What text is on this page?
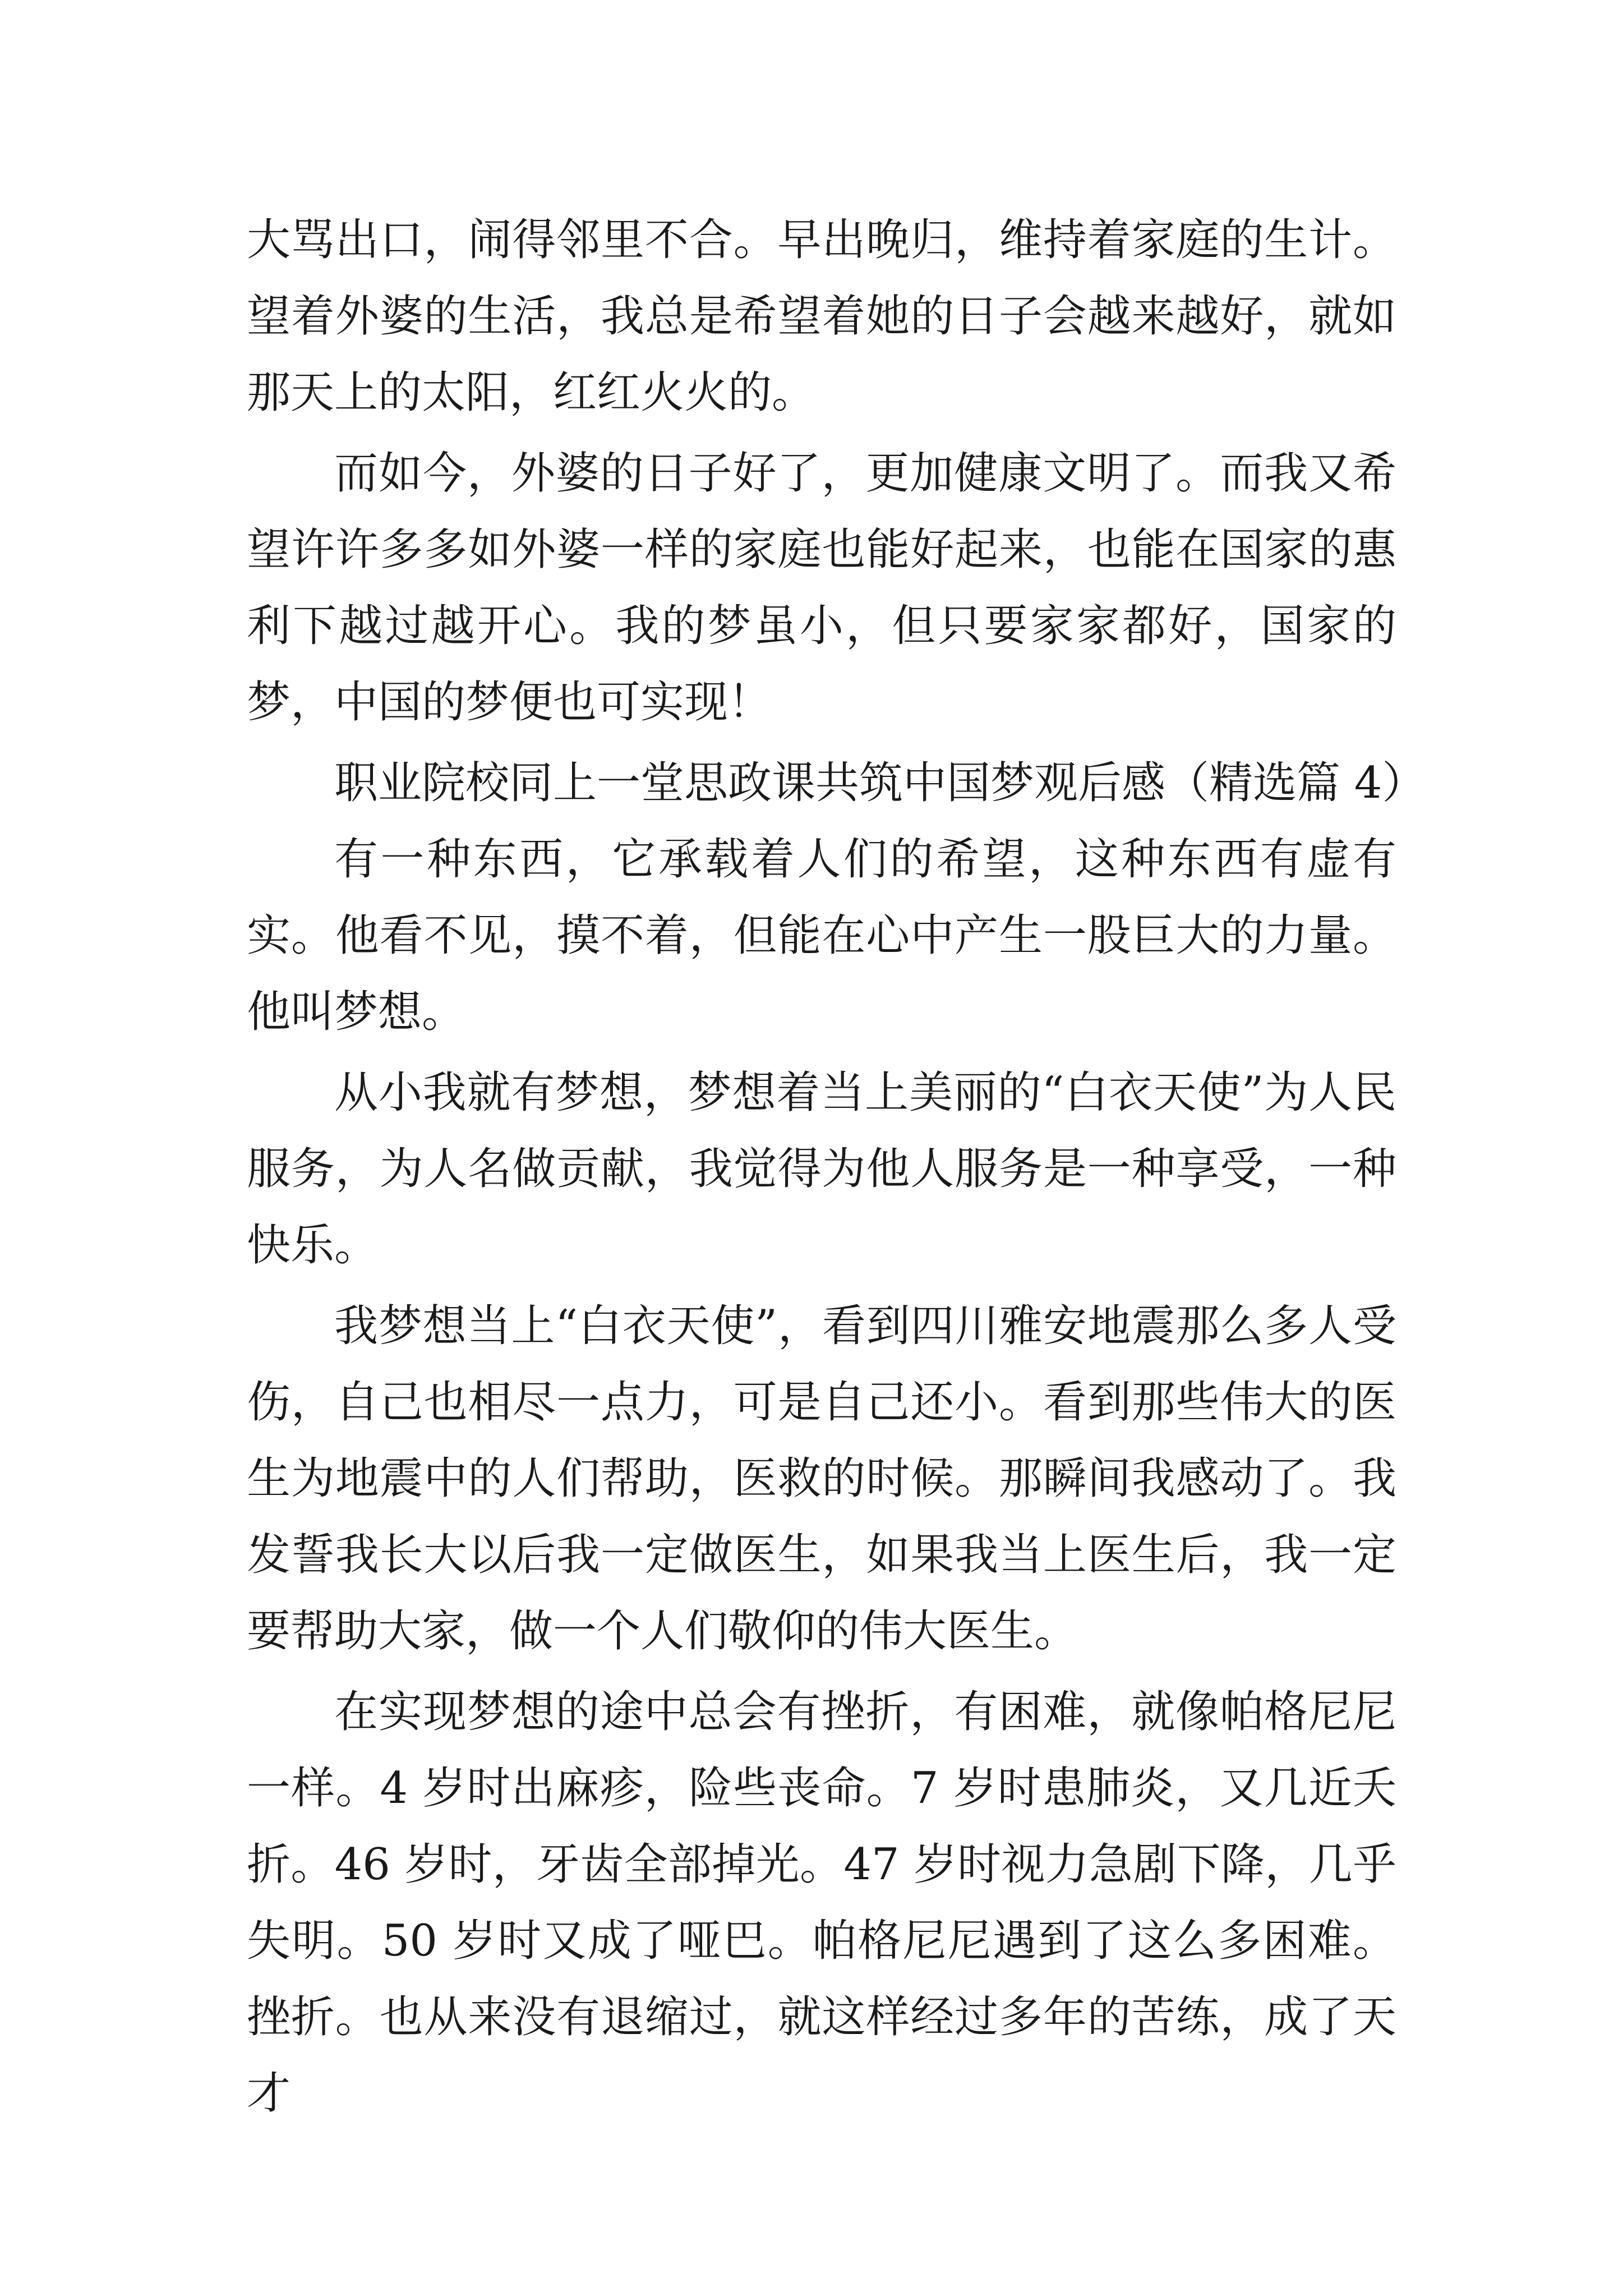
大骂出口，闹得邻里不合。早出晚归，维持着家庭的生计。望着外婆的生活，我总是希望着她的日子会越来越好，就如那天上的太阳，红红火火的。

而如今，外婆的日子好了，更加健康文明了。而我又希望许许多多如外婆一样的家庭也能好起来，也能在国家的惠利下越过越开心。我的梦虽小，但只要家家都好，国家的梦，中国的梦便也可实现！

职业院校同上一堂思政课共筑中国梦观后感（精选篇 4）

有一种东西，它承载着人们的希望，这种东西有虚有实。他看不见，摸不着，但能在心中产生一股巨大的力量。他叫梦想。

从小我就有梦想，梦想着当上美丽的“白衣天使”为人民服务，为人名做贡献，我觉得为他人服务是一种享受，一种快乐。

我梦想当上“白衣天使”，看到四川雅安地震那么多人受伤，自己也相尽一点力，可是自己还小。看到那些伟大的医生为地震中的人们帮助，医救的时候。那瞬间我感动了。我发誓我长大以后我一定做医生，如果我当上医生后，我一定要帮助大家，做一个人们敬仰的伟大医生。

在实现梦想的途中总会有挫折，有困难，就像帕格尼尼一样。4 岁时出麻疹，险些丧命。7 岁时患肺炎，又几近夭折。46 岁时，牙齿全部掉光。47 岁时视力急剧下降，几乎失明。50 岁时又成了哑巴。帕格尼尼遇到了这么多困难。挫折。也从来没有退缩过，就这样经过多年的苦练，成了天才
